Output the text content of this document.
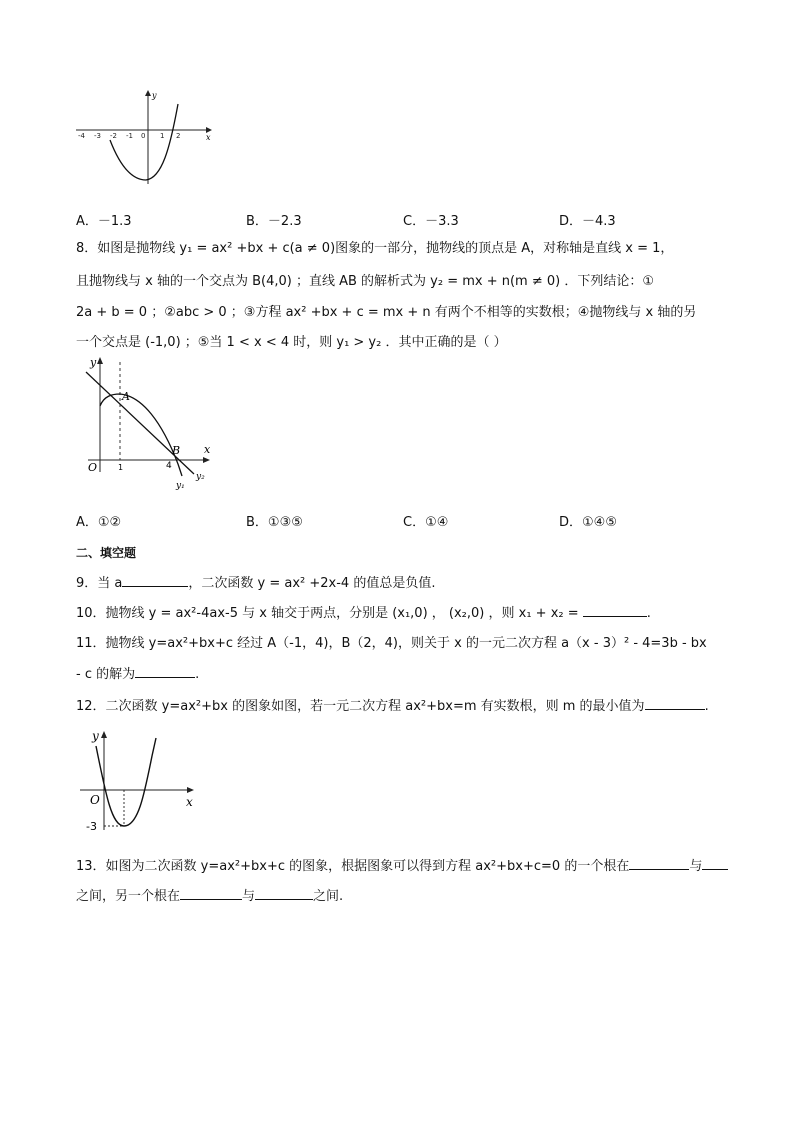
y
x
-4 -3 -2 -1 0 1 2
A．－1.3	B．－2.3	C．－3.3	D．－4.3
8．如图是抛物线 y₁ = ax² +bx + c(a ≠ 0)图象的一部分，抛物线的顶点是 A，对称轴是直线 x = 1，
且抛物线与 x 轴的一个交点为 B(4,0) ；直线 AB 的解析式为 y₂ = mx + n(m ≠ 0) ．下列结论：①
2a + b = 0 ；②abc > 0 ；③方程 ax² +bx + c = mx + n 有两个不相等的实数根；④抛物线与 x 轴的另
一个交点是 (-1,0) ；⑤当 1 < x < 4 时，则 y₁ > y₂ ．其中正确的是（ ）
y
x
O	1	4
A
B
y₁
y₂
A．①②	B．①③⑤	C．①④	D．①④⑤
二、填空题
9．当 a	，二次函数 y = ax² +2x-4 的值总是负值.
10．抛物线 y = ax²-4ax-5 与 x 轴交于两点，分别是 (x₁,0) ， (x₂,0) ，则 x₁ + x₂ =	.
11．抛物线 y=ax²+bx+c 经过 A（-1，4)，B（2，4)，则关于 x 的一元二次方程 a（x - 3）² - 4=3b - bx
- c 的解为	.
12．二次函数 y=ax²+bx 的图象如图，若一元二次方程 ax²+bx=m 有实数根，则 m 的最小值为	.
y
x
O
-3
13．如图为二次函数 y=ax²+bx+c 的图象，根据图象可以得到方程 ax²+bx+c=0 的一个根在	与
之间，另一个根在	与	之间.
